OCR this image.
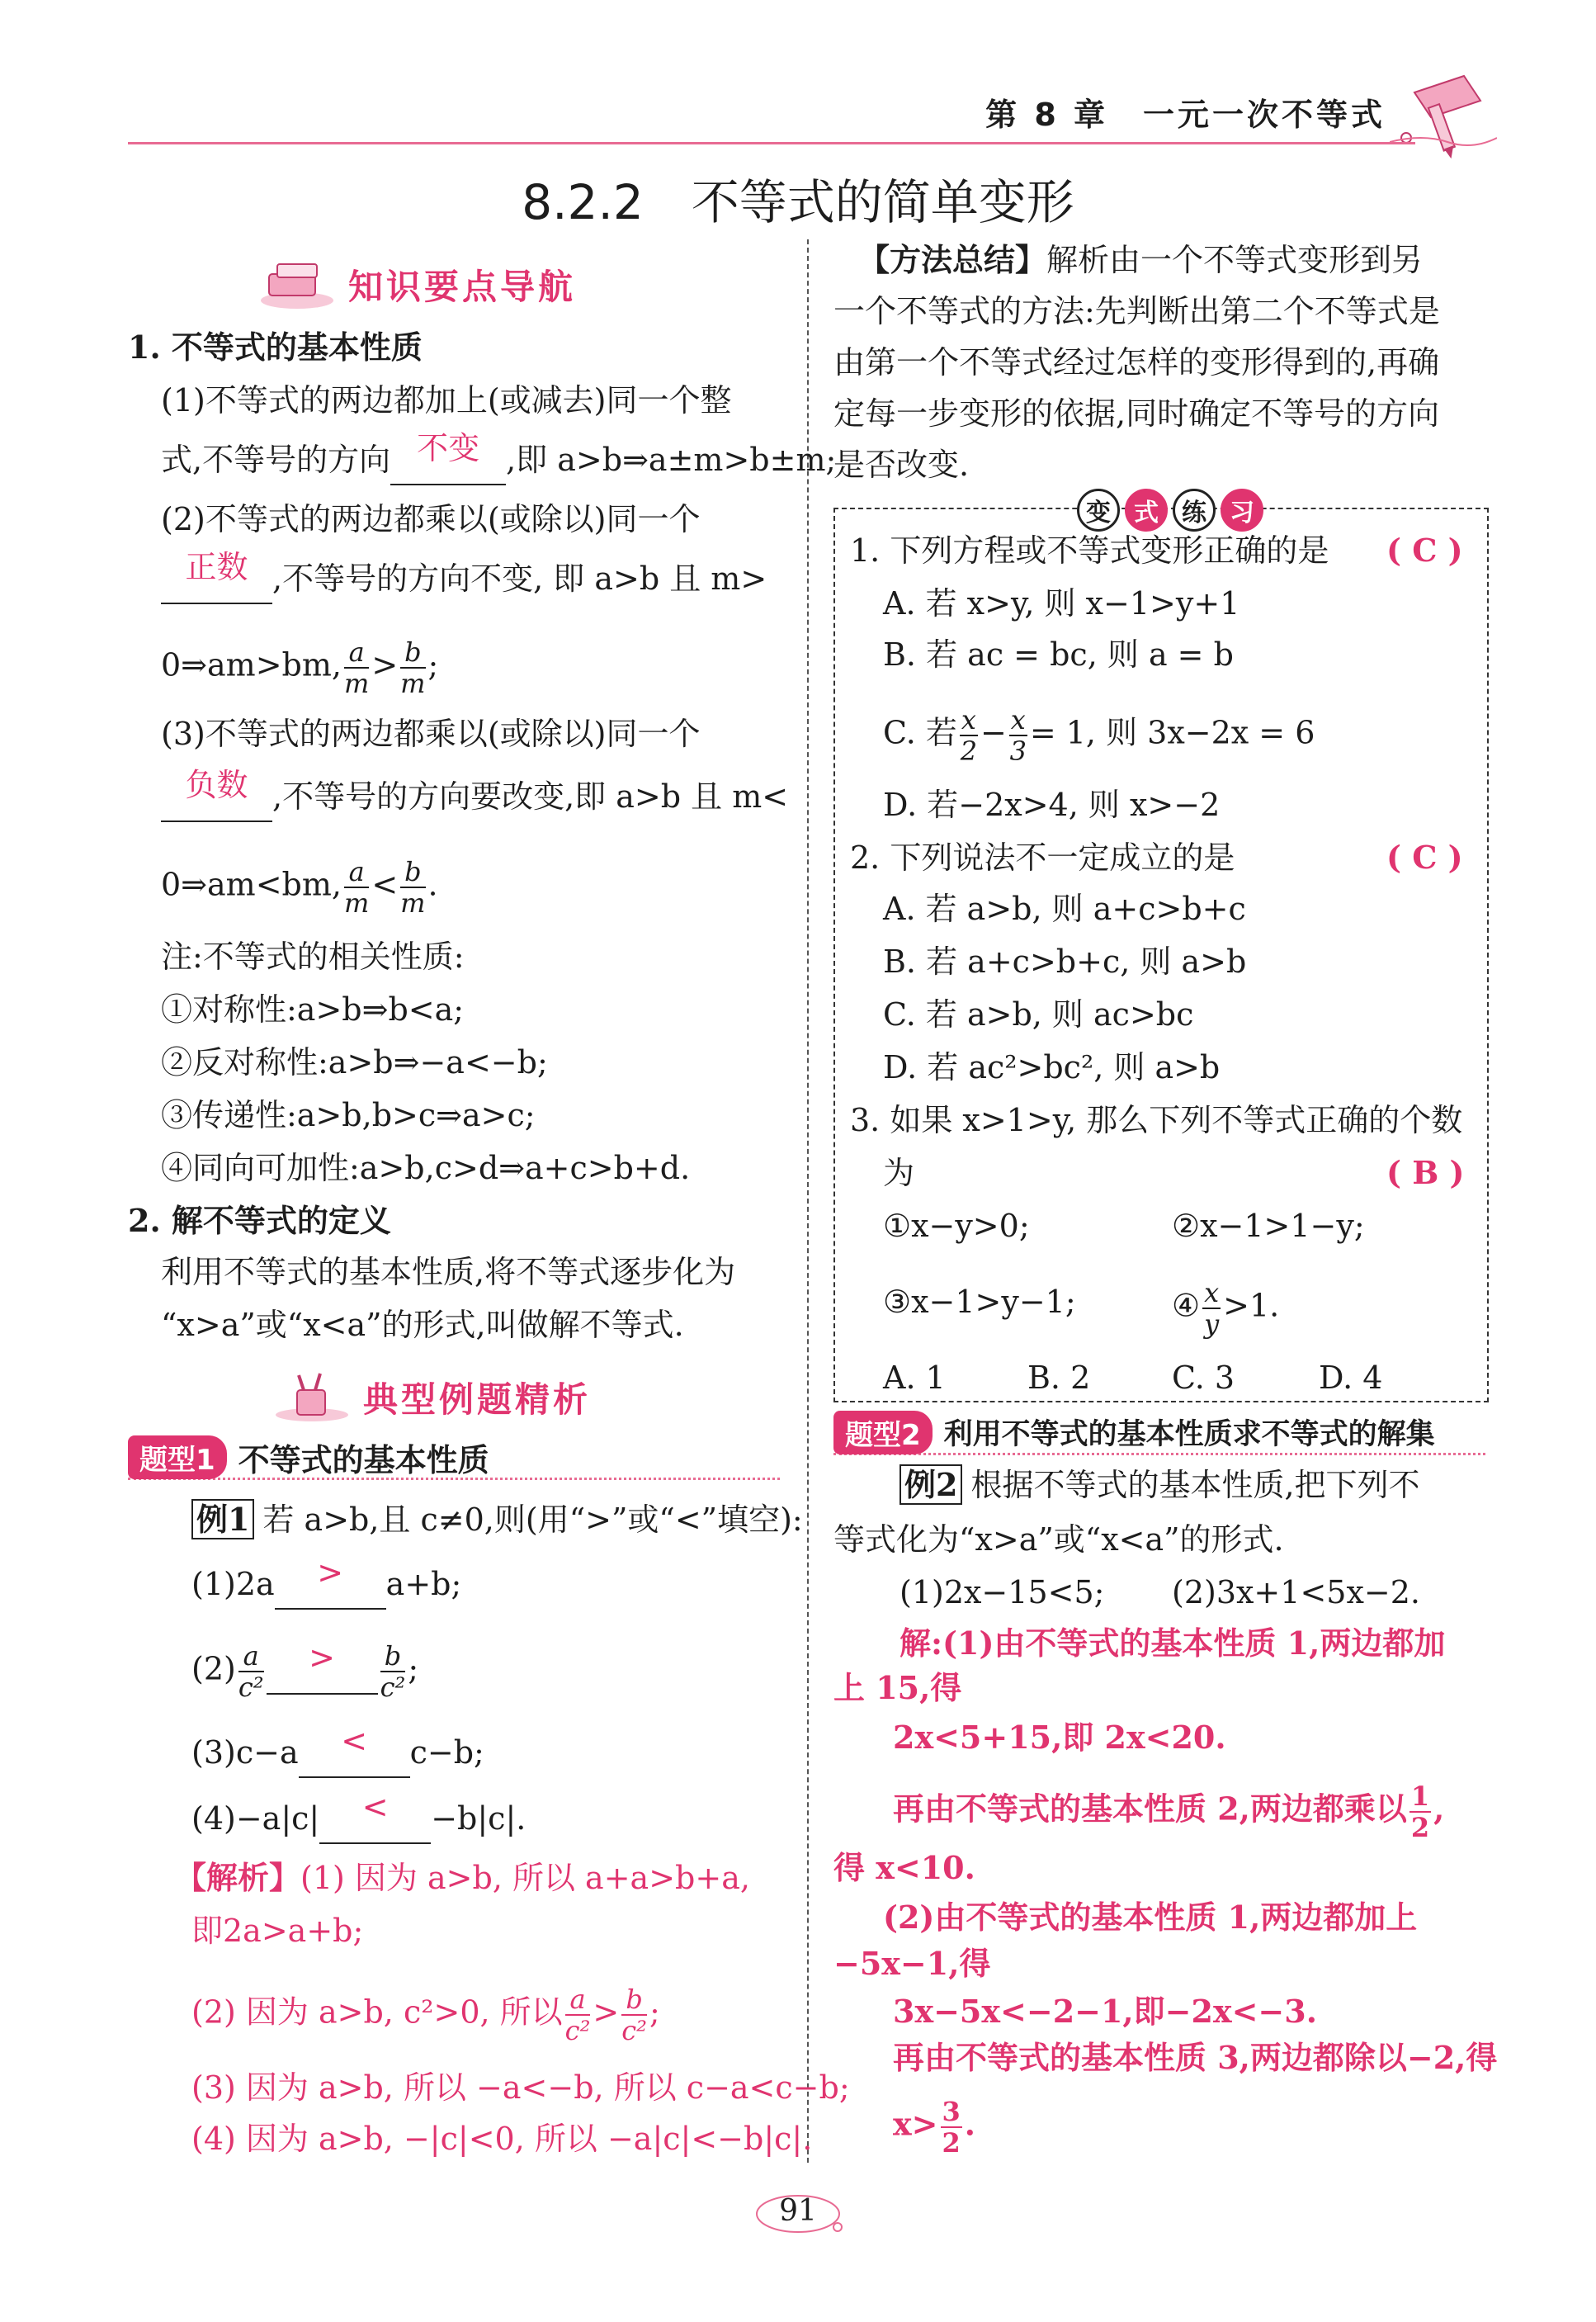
第 8 章　一元一次不等式
8.2.2　不等式的简单变形
知识要点导航
1. 不等式的基本性质
(1)不等式的两边都加上(或减去)同一个整
式,不等号的方向 不变 ,即 a>b⇒a±m>b±m;
(2)不等式的两边都乘以(或除以)同一个
正数 ,不等号的方向不变, 即 a>b 且 m>
0⇒am>bm, $\frac{a}{m} > \frac{b}{m}$ ;
(3)不等式的两边都乘以(或除以)同一个
负数 ,不等号的方向要改变,即 a>b 且 m<
0⇒am<bm, $\frac{a}{m} < \frac{b}{m}$ .
注:不等式的相关性质:
①对称性:a>b⇒b<a;
②反对称性:a>b⇒−a<−b;
③传递性:a>b,b>c⇒a>c;
④同向可加性:a>b,c>d⇒a+c>b+d.
2. 解不等式的定义
利用不等式的基本性质,将不等式逐步化为
“x>a”或“x<a”的形式,叫做解不等式.
典型例题精析
题型1 不等式的基本性质
例1 若 a>b,且 c≠0,则(用“>”或“<”填空):
(1)2a	>	a+b;
$(2) \frac{a}{\text{c²}}$	>
	$\frac{b}{\text{c²}}$ ;
(3)c−a	<	c−b;
(4)−a|c|	<	−b|c|.
【解析】(1) 因为 a>b, 所以 a+a>b+a,
即2a>a+b;
(2) 因为 a>b, c²>0, 所以 $\frac{a}{\text{c²}} > \frac{b}{\text{c²}}$ ;
(3) 因为 a>b, 所以 −a<−b, 所以 c−a<c−b;
(4) 因为 a>b, −|c|<0, 所以 −a|c|<−b|c|.
【方法总结】解析由一个不等式变形到另
一个不等式的方法:先判断出第二个不等式是
由第一个不等式经过怎样的变形得到的,再确
定每一步变形的依据,同时确定不等号的方向
是否改变.
变 式 练 习
1. 下列方程或不等式变形正确的是 ( C )
A. 若 x>y, 则 x−1>y+1
B. 若 ac = bc, 则 a = b
C. 若 $\frac{x}{2} - \frac{x}{3} = 1$, 则 3x−2x = 6
D. 若−2x>4, 则 x>−2
2. 下列说法不一定成立的是	( C )
A. 若 a>b, 则 a+c>b+c
B. 若 a+c>b+c, 则 a>b
C. 若 a>b, 则 ac>bc
D. 若 ac²>bc², 则 a>b
3. 如果 x>1>y, 那么下列不等式正确的个数
为	( B )
①x−y>0;	②x−1>1−y;
③x−1>y−1;	④ $\frac{x}{y} >1$.
A. 1	B. 2	C. 3	D. 4
题型2 利用不等式的基本性质求不等式的解集
例2 根据不等式的基本性质,把下列不
等式化为“x>a”或“x<a”的形式.
(1)2x−15<5; (2)3x+1<5x−2.
解:(1)由不等式的基本性质 1,两边都加
上 15,得
2x<5+15,即 2x<20.
再由不等式的基本性质 2,两边都乘以 $\frac{1}{2}$ ,
得 x<10.
(2)由不等式的基本性质 1,两边都加上
−5x−1,得
3x−5x<−2−1,即−2x<−3.
再由不等式的基本性质 3,两边都除以−2,得
$x> \frac{3}{2}$ .
91
